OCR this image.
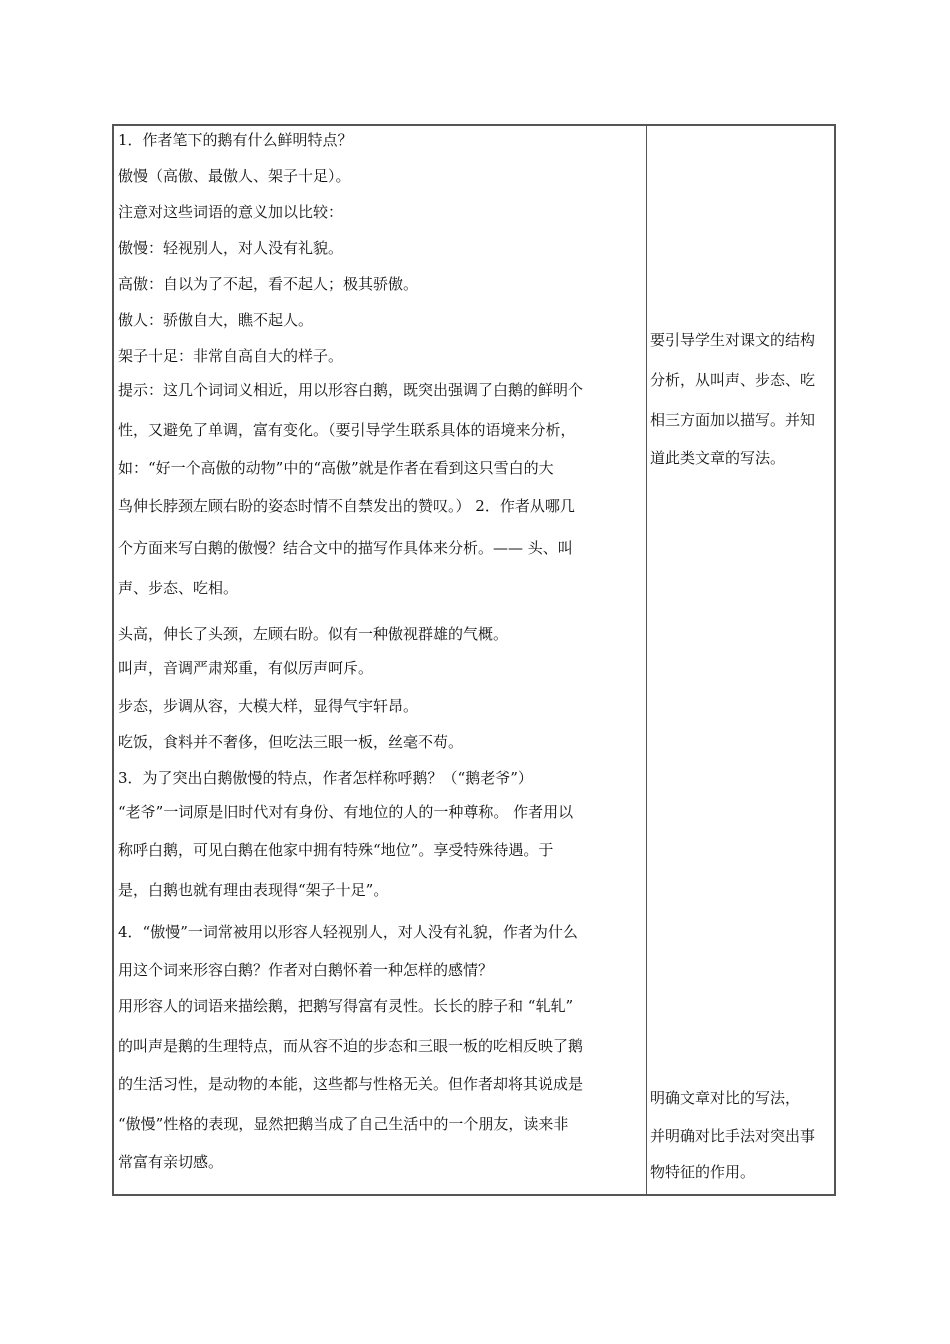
1．作者笔下的鹅有什么鲜明特点？
傲慢（高傲、最傲人、架子十足）。
注意对这些词语的意义加以比较：
傲慢：轻视别人，对人没有礼貌。
高傲：自以为了不起，看不起人；极其骄傲。
傲人：骄傲自大，瞧不起人。
架子十足：非常自高自大的样子。
提示：这几个词词义相近，用以形容白鹅，既突出强调了白鹅的鲜明个
性，又避免了单调，富有变化。（要引导学生联系具体的语境来分析，
如：“好一个高傲的动物”中的“高傲”就是作者在看到这只雪白的大
鸟伸长脖颈左顾右盼的姿态时情不自禁发出的赞叹。） 2．作者从哪几
个方面来写白鹅的傲慢？结合文中的描写作具体来分析。—— 头、叫
声、步态、吃相。
头高，伸长了头颈，左顾右盼。似有一种傲视群雄的气概。
叫声，音调严肃郑重，有似厉声呵斥。
步态，步调从容，大模大样，显得气宇轩昂。
吃饭，食料并不奢侈，但吃法三眼一板，丝毫不苟。
3．为了突出白鹅傲慢的特点，作者怎样称呼鹅？（“鹅老爷”）
“老爷”一词原是旧时代对有身份、有地位的人的一种尊称。 作者用以
称呼白鹅，可见白鹅在他家中拥有特殊“地位”。享受特殊待遇。于
是，白鹅也就有理由表现得“架子十足”。
4．“傲慢”一词常被用以形容人轻视别人，对人没有礼貌，作者为什么
用这个词来形容白鹅？作者对白鹅怀着一种怎样的感情？
用形容人的词语来描绘鹅，把鹅写得富有灵性。长长的脖子和 “轧轧”
的叫声是鹅的生理特点，而从容不迫的步态和三眼一板的吃相反映了鹅
的生活习性，是动物的本能，这些都与性格无关。但作者却将其说成是
“傲慢”性格的表现，显然把鹅当成了自己生活中的一个朋友，读来非
常富有亲切感。
要引导学生对课文的结构
分析，从叫声、步态、吃
相三方面加以描写。并知
道此类文章的写法。
明确文章对比的写法，
并明确对比手法对突出事
物特征的作用。
